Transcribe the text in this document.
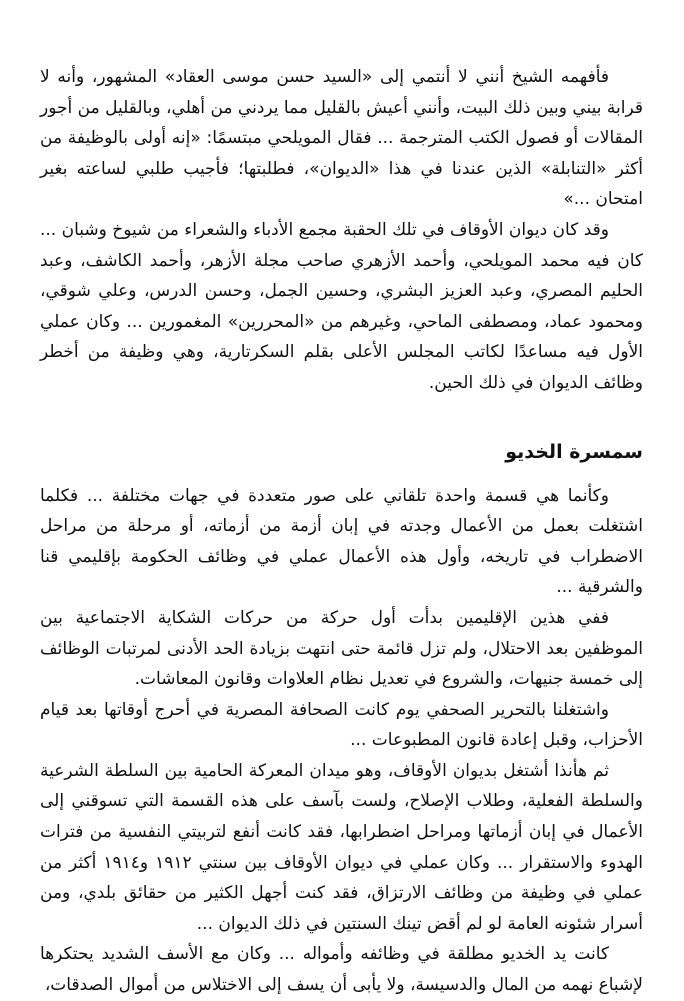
فأفهمه الشيخ أنني لا أنتمي إلى «السيد حسن موسى العقاد» المشهور، وأنه لا قرابة بيني وبين ذلك البيت، وأنني أعيش بالقليل مما يردني من أهلي، وبالقليل من أجور المقالات أو فصول الكتب المترجمة ... فقال المويلحي مبتسمًا: «إنه أولى بالوظيفة من أكثر «التنابلة» الذين عندنا في هذا «الديوان»، فطلبتها؛ فأجيب طلبي لساعته بغير امتحان ...»

وقد كان ديوان الأوقاف في تلك الحقبة مجمع الأدباء والشعراء من شيوخ وشبان ... كان فيه محمد المويلحي، وأحمد الأزهري صاحب مجلة الأزهر، وأحمد الكاشف، وعبد الحليم المصري، وعبد العزيز البشري، وحسين الجمل، وحسن الدرس، وعلي شوقي، ومحمود عماد، ومصطفى الماحي، وغيرهم من «المحررين» المغمورين ... وكان عملي الأول فيه مساعدًا لكاتب المجلس الأعلى بقلم السكرتارية، وهي وظيفة من أخطر وظائف الديوان في ذلك الحين.

سمسرة الخديو

وكأنما هي قسمة واحدة تلقاني على صور متعددة في جهات مختلفة ... فكلما اشتغلت بعمل من الأعمال وجدته في إبان أزمة من أزماته، أو مرحلة من مراحل الاضطراب في تاريخه، وأول هذه الأعمال عملي في وظائف الحكومة بإقليمي قنا والشرقية ...

ففي هذين الإقليمين بدأت أول حركة من حركات الشكاية الاجتماعية بين الموظفين بعد الاحتلال، ولم تزل قائمة حتى انتهت بزيادة الحد الأدنى لمرتبات الوظائف إلى خمسة جنيهات، والشروع في تعديل نظام العلاوات وقانون المعاشات.

واشتغلنا بالتحرير الصحفي يوم كانت الصحافة المصرية في أحرج أوقاتها بعد قيام الأحزاب، وقبل إعادة قانون المطبوعات ...

ثم هأنذا أشتغل بديوان الأوقاف، وهو ميدان المعركة الحامية بين السلطة الشرعية والسلطة الفعلية، وطلاب الإصلاح، ولست بآسف على هذه القسمة التي تسوقني إلى الأعمال في إبان أزماتها ومراحل اضطرابها، فقد كانت أنفع لتربيتي النفسية من فترات الهدوء والاستقرار ... وكان عملي في ديوان الأوقاف بين سنتي ١٩١٢ و١٩١٤ أكثر من عملي في وظيفة من وظائف الارتزاق، فقد كنت أجهل الكثير من حقائق بلدي، ومن أسرار شئونه العامة لو لم أقض تينك السنتين في ذلك الديوان ...

كانت يد الخديو مطلقة في وظائفه وأمواله ... وكان مع الأسف الشديد يحتكرها لإشباع نهمه من المال والدسيسة، ولا يأبى أن يسف إلى الاختلاس من أموال الصدقات،
